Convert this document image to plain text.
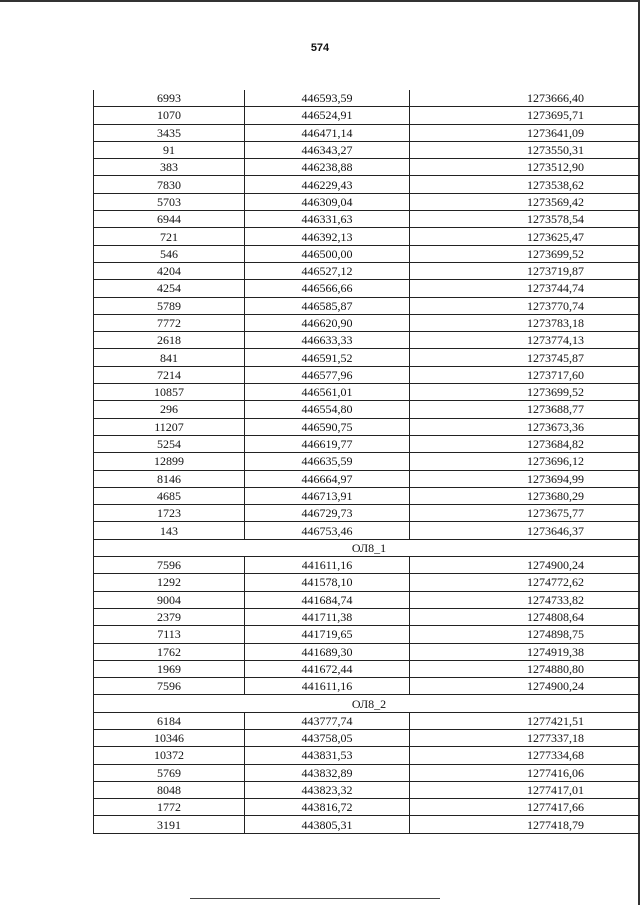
574
6993	446593,59	1273666,40
1070	446524,91	1273695,71
3435	446471,14	1273641,09
91	446343,27	1273550,31
383	446238,88	1273512,90
7830	446229,43	1273538,62
5703	446309,04	1273569,42
6944	446331,63	1273578,54
721	446392,13	1273625,47
546	446500,00	1273699,52
4204	446527,12	1273719,87
4254	446566,66	1273744,74
5789	446585,87	1273770,74
7772	446620,90	1273783,18
2618	446633,33	1273774,13
841	446591,52	1273745,87
7214	446577,96	1273717,60
10857	446561,01	1273699,52
296	446554,80	1273688,77
11207	446590,75	1273673,36
5254	446619,77	1273684,82
12899	446635,59	1273696,12
8146	446664,97	1273694,99
4685	446713,91	1273680,29
1723	446729,73	1273675,77
143	446753,46	1273646,37
ОЛ8_1		
7596	441611,16	1274900,24
1292	441578,10	1274772,62
9004	441684,74	1274733,82
2379	441711,38	1274808,64
7113	441719,65	1274898,75
1762	441689,30	1274919,38
1969	441672,44	1274880,80
7596	441611,16	1274900,24
ОЛ8_2		
6184	443777,74	1277421,51
10346	443758,05	1277337,18
10372	443831,53	1277334,68
5769	443832,89	1277416,06
8048	443823,32	1277417,01
1772	443816,72	1277417,66
3191	443805,31	1277418,79
